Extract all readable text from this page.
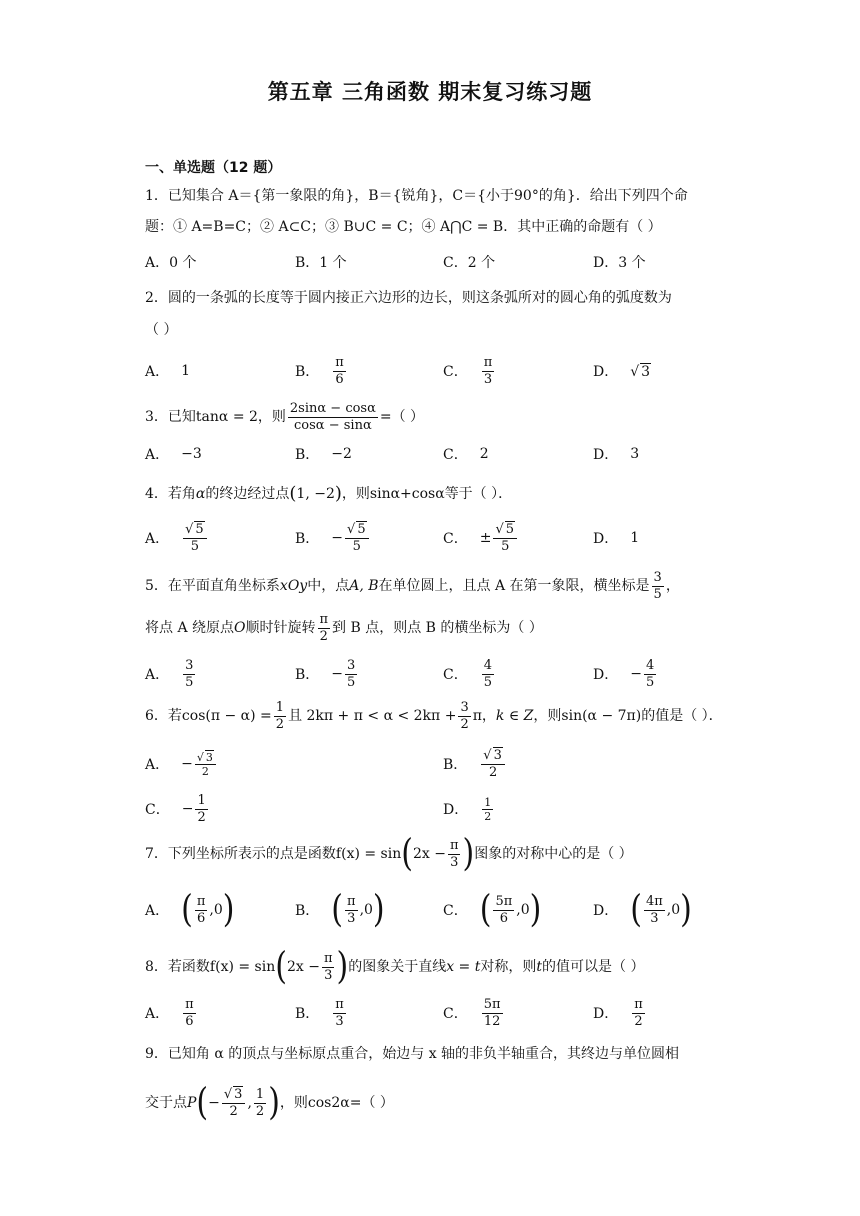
第五章 三角函数 期末复习练习题
一、单选题（12 题）
1．已知集合 A＝{第一象限的角}，B＝{锐角}，C＝{小于90°的角}．给出下列四个命
题：① A=B=C；② A⊂C；③ B∪C = C；④ A⋂C = B．其中正确的命题有（ ）
A．0 个	B．1 个	C．2 个	D．3 个
2．圆的一条弧的长度等于圆内接正六边形的边长，则这条弧所对的圆心角的弧度数为
（ ）
A． 1	B． $\frac{\pi}{6}$	C． $\frac{\pi}{3}$	D． √ 3
3．已知 tanα = 2 ，则 $\frac{2\sin\alpha - \cos\alpha}{\cos\alpha - \sin\alpha}$ =（ ）
A． −3	B． −2	C． 2	D． 3
4．若角 α 的终边经过点 ( 1, −2 ) ，则 sinα+cosα 等于（ ）．
A． $\frac{√ 5}{5}$	B． − $\frac{√ 5}{5}$	C． ± $\frac{√ 5}{5}$	D． 1
5．在平面直角坐标系 xOy 中，点 A, B 在单位圆上，且点 A 在第一象限，横坐标是 $\frac{3}{5}$ ，
将点 A 绕原点 O 顺时针旋转 $\frac{\pi}{2}$ 到 B 点，则点 B 的横坐标为（ ）
A． $\frac{3}{5}$	B． − $\frac{3}{5}$	C． $\frac{4}{5}$	D． − $\frac{4}{5}$
6．若 $\cos(\pi - \alpha) = \frac{1}{2}$ 且 $2k\pi + \pi < \alpha < 2k\pi + \frac{3}{2}$ π， k ∈ Z ，则 sin(α − 7π) 的值是（ ）．
A． − $\frac{√ 3}{2}$	B． $\frac{√ 3}{2}$
C． − $\frac{1}{2}$	D． $\frac{1}{2}$
7．下列坐标所表示的点是函数 f(x) = sin ( $2x - \frac{\pi}{3}$ ) 图象的对称中心的是（ ）
A． ( $\frac{\pi}{6} ,0$ )	B． ( $\frac{\pi}{3} ,0$ )	C． ( $\frac{5\pi}{6} ,0$ )	D． ( $\frac{4\pi}{3} ,0$ )
8．若函数 f(x) = sin ( $2x - \frac{\pi}{3}$ ) 的图象关于直线 x = t 对称，则 t 的值可以是（ ）
A． $\frac{\pi}{6}$	B． $\frac{\pi}{3}$	C． $\frac{5\pi}{12}$	D． $\frac{\pi}{2}$
9．已知角 α 的顶点与坐标原点重合，始边与 x 轴的非负半轴重合，其终边与单位圆相
交于点 P ( − $\frac{√ 3}{2}$ , $\frac{1}{2}$ ) ，则 cos2α =（ ）
